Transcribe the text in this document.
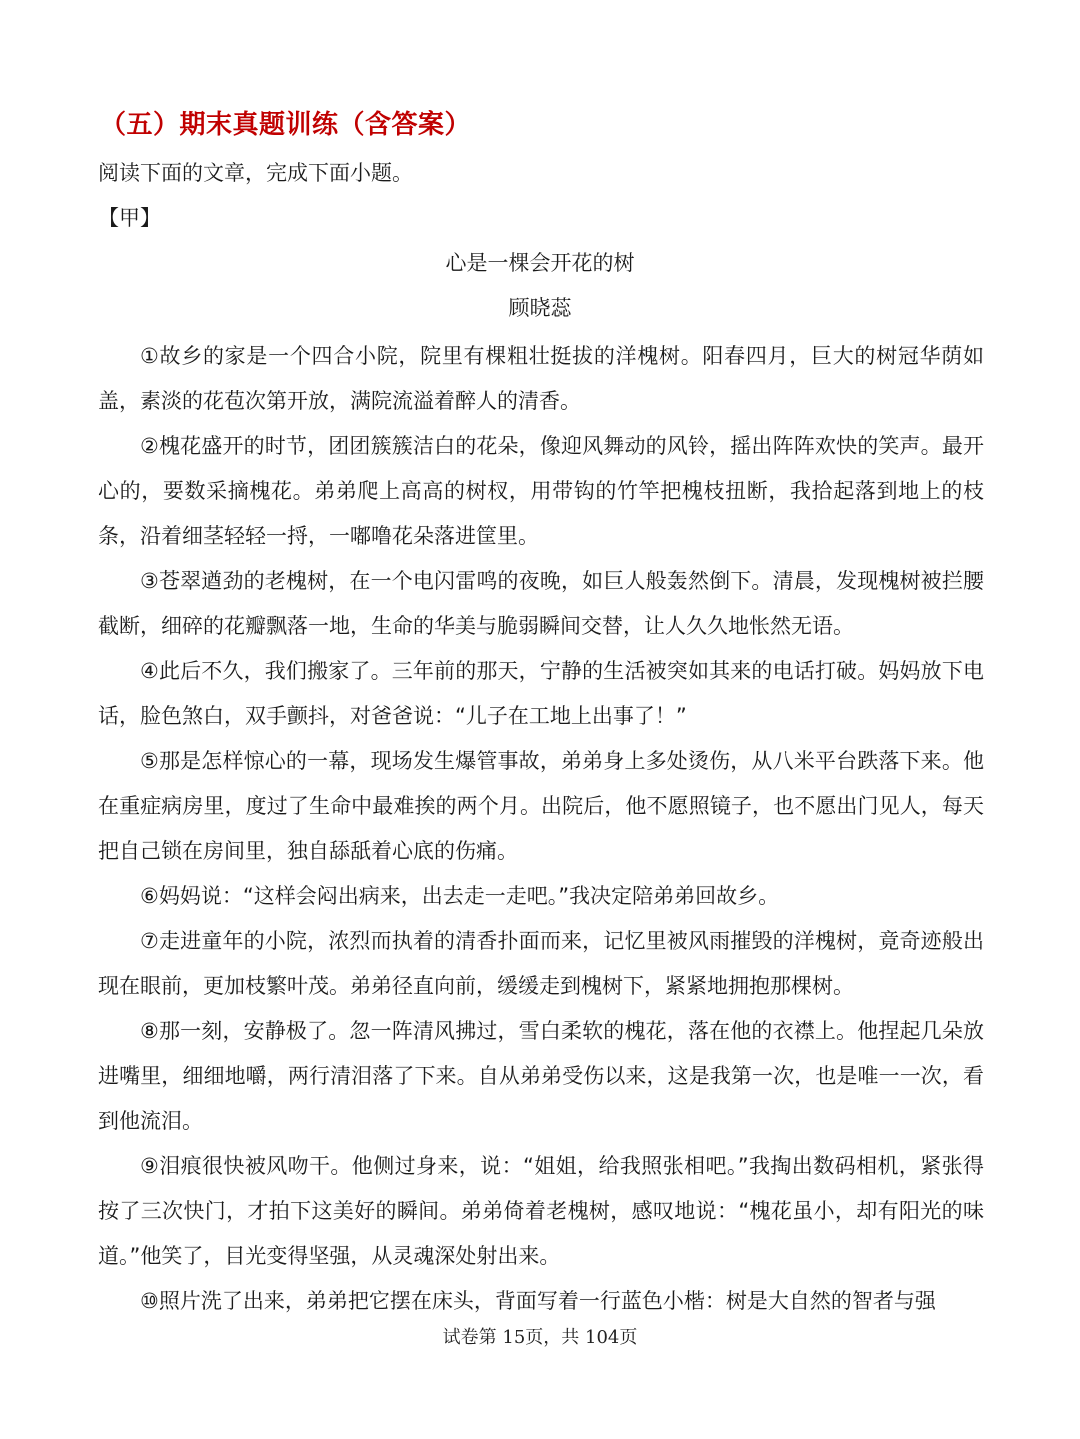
（五）期末真题训练（含答案）
阅读下面的文章，完成下面小题。
【甲】
心是一棵会开花的树
顾晓蕊

①故乡的家是一个四合小院，院里有棵粗壮挺拔的洋槐树。阳春四月，巨大的树冠华荫如盖，素淡的花苞次第开放，满院流溢着醉人的清香。

②槐花盛开的时节，团团簇簇洁白的花朵，像迎风舞动的风铃，摇出阵阵欢快的笑声。最开心的，要数采摘槐花。弟弟爬上高高的树杈，用带钩的竹竿把槐枝扭断，我拾起落到地上的枝条，沿着细茎轻轻一捋，一嘟噜花朵落进筐里。

③苍翠遒劲的老槐树，在一个电闪雷鸣的夜晚，如巨人般轰然倒下。清晨，发现槐树被拦腰截断，细碎的花瓣飘落一地，生命的华美与脆弱瞬间交替，让人久久地怅然无语。

④此后不久，我们搬家了。三年前的那天，宁静的生活被突如其来的电话打破。妈妈放下电话，脸色煞白，双手颤抖，对爸爸说：“儿子在工地上出事了！”

⑤那是怎样惊心的一幕，现场发生爆管事故，弟弟身上多处烫伤，从八米平台跌落下来。他在重症病房里，度过了生命中最难挨的两个月。出院后，他不愿照镜子，也不愿出门见人，每天把自己锁在房间里，独自舔舐着心底的伤痛。

⑥妈妈说：“这样会闷出病来，出去走一走吧。”我决定陪弟弟回故乡。

⑦走进童年的小院，浓烈而执着的清香扑面而来，记忆里被风雨摧毁的洋槐树，竟奇迹般出现在眼前，更加枝繁叶茂。弟弟径直向前，缓缓走到槐树下，紧紧地拥抱那棵树。

⑧那一刻，安静极了。忽一阵清风拂过，雪白柔软的槐花，落在他的衣襟上。他捏起几朵放进嘴里，细细地嚼，两行清泪落了下来。自从弟弟受伤以来，这是我第一次，也是唯一一次，看到他流泪。

⑨泪痕很快被风吻干。他侧过身来，说：“姐姐，给我照张相吧。”我掏出数码相机，紧张得按了三次快门，才拍下这美好的瞬间。弟弟倚着老槐树，感叹地说：“槐花虽小，却有阳光的味道。”他笑了，目光变得坚强，从灵魂深处射出来。

⑩照片洗了出来，弟弟把它摆在床头，背面写着一行蓝色小楷：树是大自然的智者与强

试卷第 15页，共 104页
